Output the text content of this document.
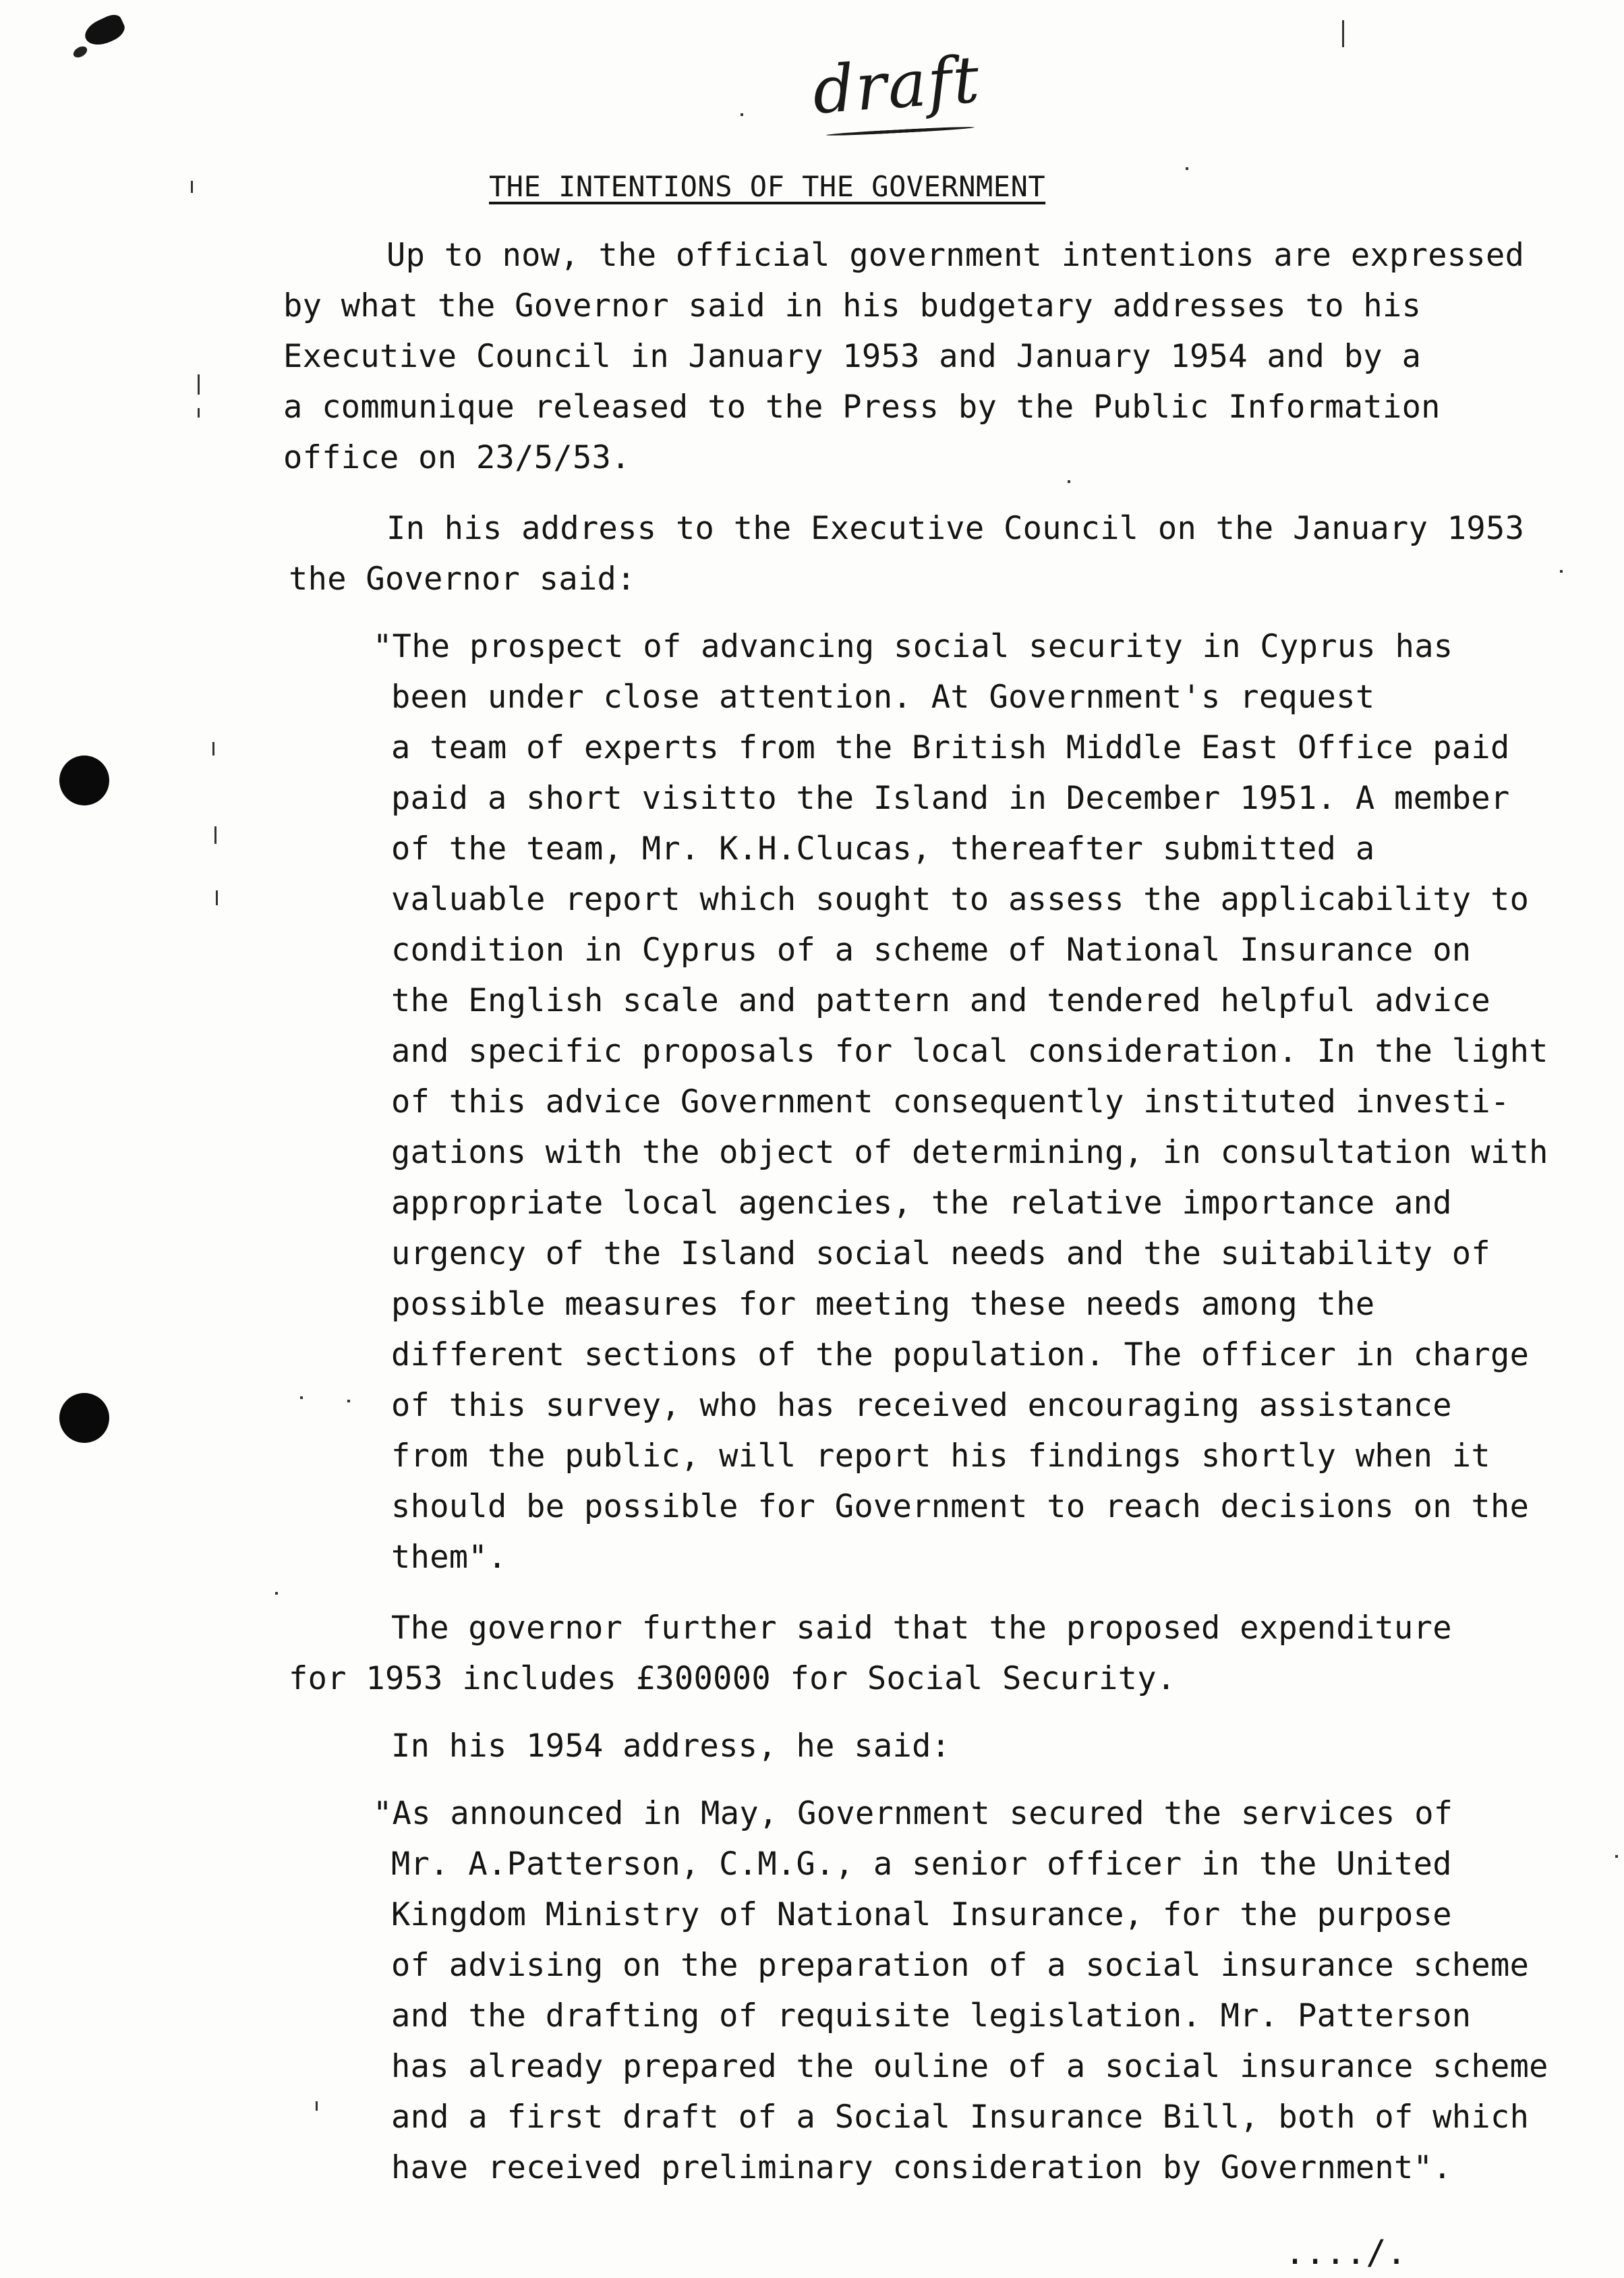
draft
THE INTENTIONS OF THE GOVERNMENT
Up to now, the official government intentions are expressed
by what the Governor said in his budgetary addresses to his
Executive Council in January 1953 and January 1954 and by a
a communique released to the Press by the Public Information
office on 23/5/53.
In his address to the Executive Council on the January 1953
the Governor said:
"The prospect of advancing social security in Cyprus has
been under close attention. At Government's request
a team of experts from the British Middle East Office paid
paid a short visitto the Island in December 1951. A member
of the team, Mr. K.H.Clucas, thereafter submitted a
valuable report which sought to assess the applicability to
condition in Cyprus of a scheme of National Insurance on
the English scale and pattern and tendered helpful advice
and specific proposals for local consideration. In the light
of this advice Government consequently instituted investi-
gations with the object of determining, in consultation with
appropriate local agencies, the relative importance and
urgency of the Island social needs and the suitability of
possible measures for meeting these needs among the
different sections of the population. The officer in charge
of this survey, who has received encouraging assistance
from the public, will report his findings shortly when it
should be possible for Government to reach decisions on the
them".
The governor further said that the proposed expenditure
for 1953 includes £300000 for Social Security.
In his 1954 address, he said:
"As announced in May, Government secured the services of
Mr. A.Patterson, C.M.G., a senior officer in the United
Kingdom Ministry of National Insurance, for the purpose
of advising on the preparation of a social insurance scheme
and the drafting of requisite legislation. Mr. Patterson
has already prepared the ouline of a social insurance scheme
and a first draft of a Social Insurance Bill, both of which
have received preliminary consideration by Government".
..../.
